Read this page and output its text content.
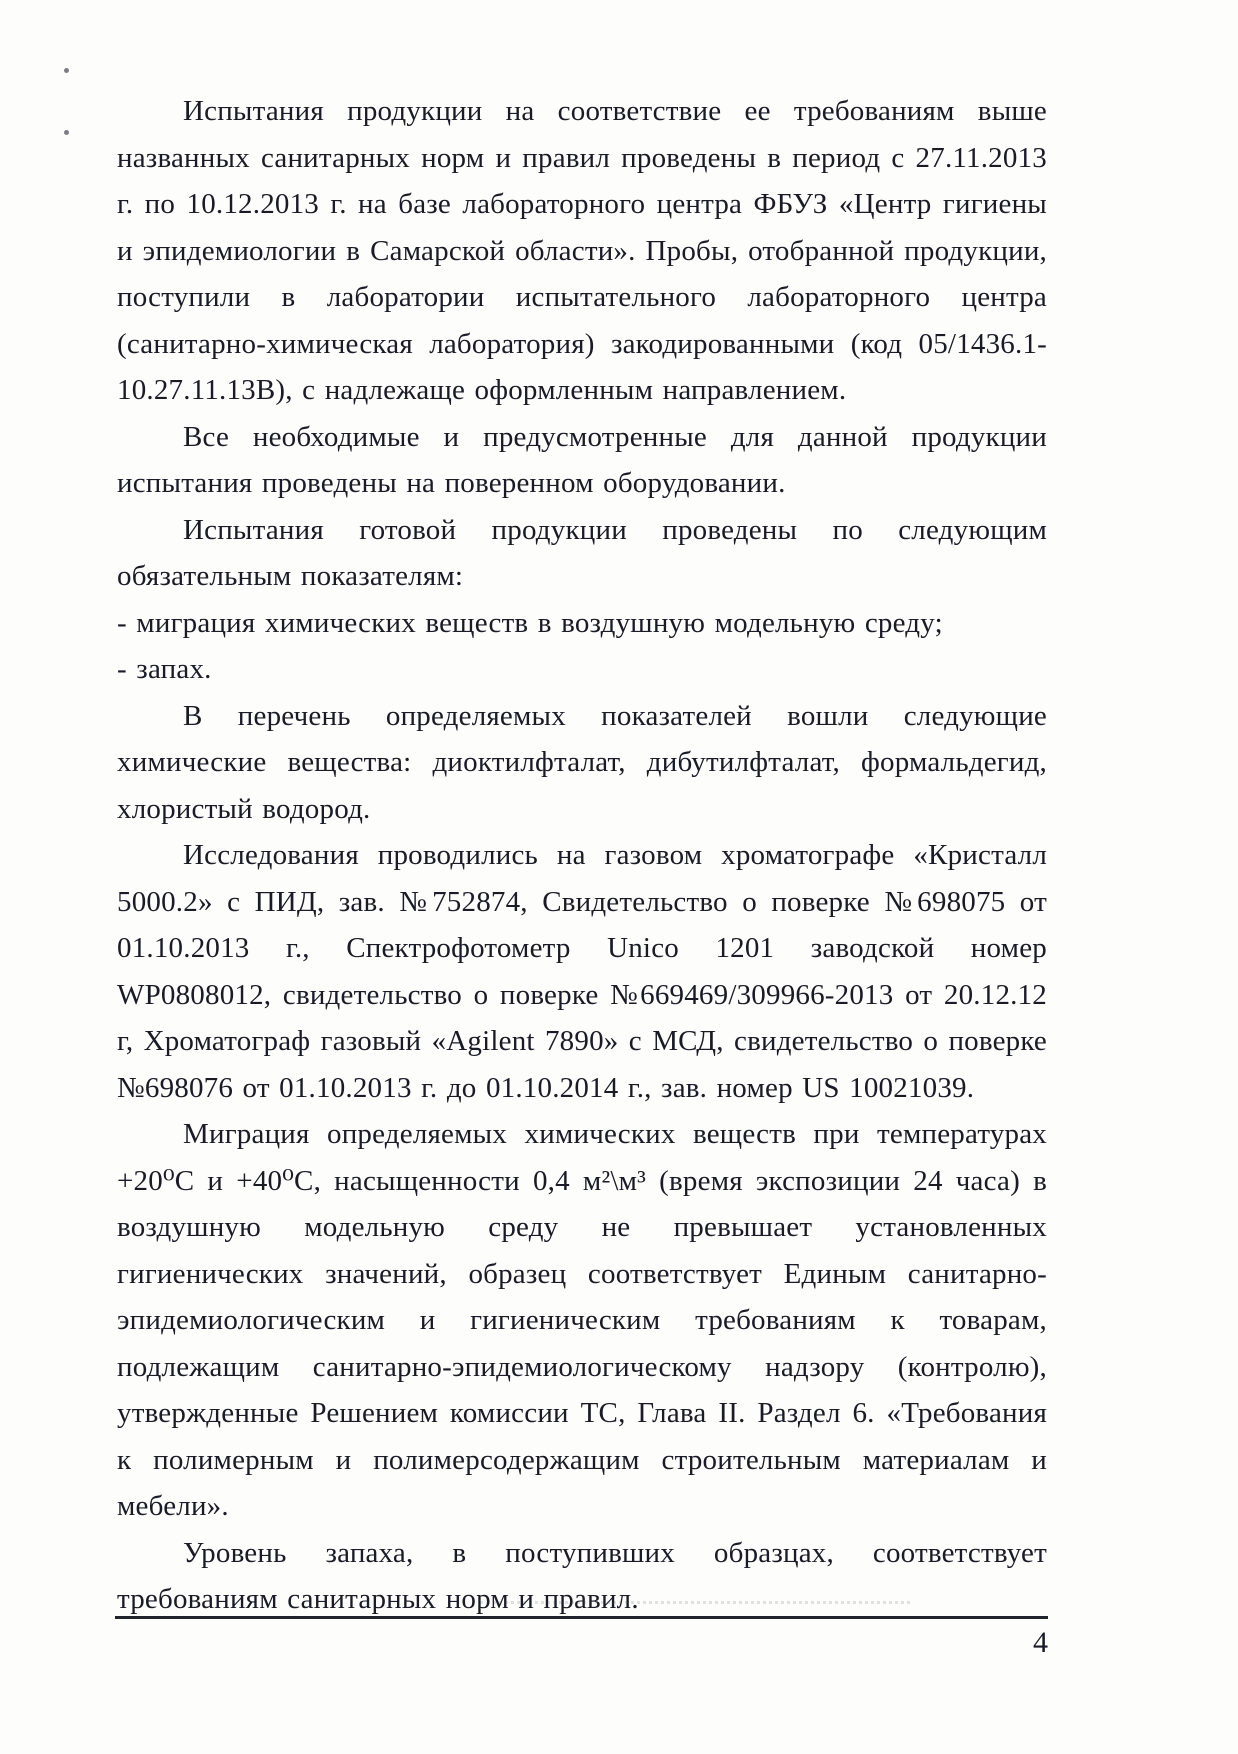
Испытания продукции на соответствие ее требованиям выше названных санитарных норм и правил проведены в период с 27.11.2013 г. по 10.12.2013 г. на базе лабораторного центра ФБУЗ «Центр гигиены и эпидемиологии в Самарской области». Пробы, отобранной продукции, поступили в лаборатории испытательного лабораторного центра (санитарно-химическая лаборатория) закодированными (код 05/1436.1-10.27.11.13В), с надлежаще оформленным направлением.

Все необходимые и предусмотренные для данной продукции испытания проведены на поверенном оборудовании.

Испытания готовой продукции проведены по следующим обязательным показателям:

- миграция химических веществ в воздушную модельную среду;

- запах.

В перечень определяемых показателей вошли следующие химические вещества: диоктилфталат, дибутилфталат, формальдегид, хлористый водород.

Исследования проводились на газовом хроматографе «Кристалл 5000.2» с ПИД, зав. №752874, Свидетельство о поверке №698075 от 01.10.2013 г., Спектрофотометр Unico 1201 заводской номер WP0808012, свидетельство о поверке №669469/309966-2013 от 20.12.12 г, Хроматограф газовый «Agilent 7890» с МСД, свидетельство о поверке №698076 от 01.10.2013 г. до 01.10.2014 г., зав. номер US 10021039.

Миграция определяемых химических веществ при температурах +20⁰С и +40⁰С, насыщенности 0,4 м²\м³ (время экспозиции 24 часа) в воздушную модельную среду не превышает установленных гигиенических значений, образец соответствует Единым санитарно-эпидемиологическим и гигиеническим требованиям к товарам, подлежащим санитарно-эпидемиологическому надзору (контролю), утвержденные Решением комиссии ТС, Глава II. Раздел 6. «Требования к полимерным и полимерсодержащим строительным материалам и мебели».

Уровень запаха, в поступивших образцах, соответствует требованиям санитарных норм и правил.

4
